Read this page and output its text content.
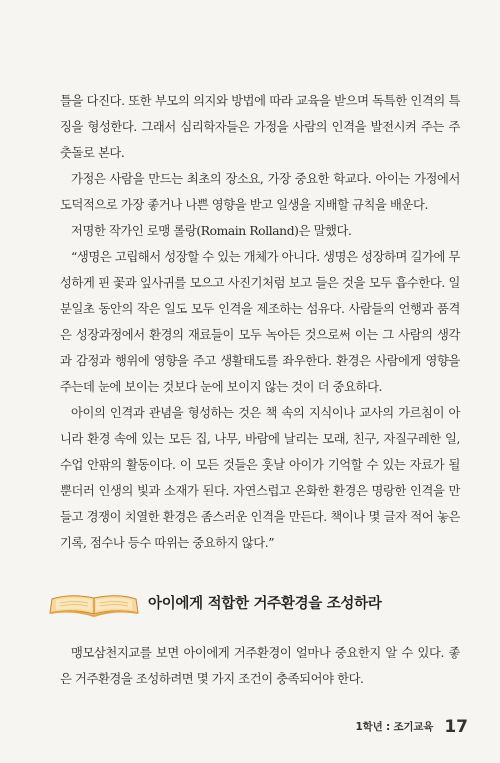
틀을 다진다. 또한 부모의 의지와 방법에 따라 교육을 받으며 독특한 인격의 특징을 형성한다. 그래서 심리학자들은 가정을 사람의 인격을 발전시켜 주는 주춧돌로 본다.

가정은 사람을 만드는 최초의 장소요, 가장 중요한 학교다. 아이는 가정에서 도덕적으로 가장 좋거나 나쁜 영향을 받고 일생을 지배할 규칙을 배운다.

저명한 작가인 로맹 롤랑(Romain Rolland)은 말했다.

“생명은 고립해서 성장할 수 있는 개체가 아니다. 생명은 성장하며 길가에 무성하게 핀 꽃과 잎사귀를 모으고 사진기처럼 보고 들은 것을 모두 흡수한다. 일분일초 동안의 작은 일도 모두 인격을 제조하는 섬유다. 사람들의 언행과 품격은 성장과정에서 환경의 재료들이 모두 녹아든 것으로써 이는 그 사람의 생각과 감정과 행위에 영향을 주고 생활태도를 좌우한다. 환경은 사람에게 영향을 주는데 눈에 보이는 것보다 눈에 보이지 않는 것이 더 중요하다.

아이의 인격과 관념을 형성하는 것은 책 속의 지식이나 교사의 가르침이 아니라 환경 속에 있는 모든 집, 나무, 바람에 날리는 모래, 친구, 자질구레한 일, 수업 안팎의 활동이다. 이 모든 것들은 훗날 아이가 기억할 수 있는 자료가 될 뿐더러 인생의 빛과 소재가 된다. 자연스럽고 온화한 환경은 명랑한 인격을 만들고 경쟁이 치열한 환경은 좀스러운 인격을 만든다. 책이나 몇 글자 적어 놓은 기록, 점수나 등수 따위는 중요하지 않다.”

아이에게 적합한 거주환경을 조성하라

맹모삼천지교를 보면 아이에게 거주환경이 얼마나 중요한지 알 수 있다. 좋은 거주환경을 조성하려면 몇 가지 조건이 충족되어야 한다.

1학년 : 조기교육 17
